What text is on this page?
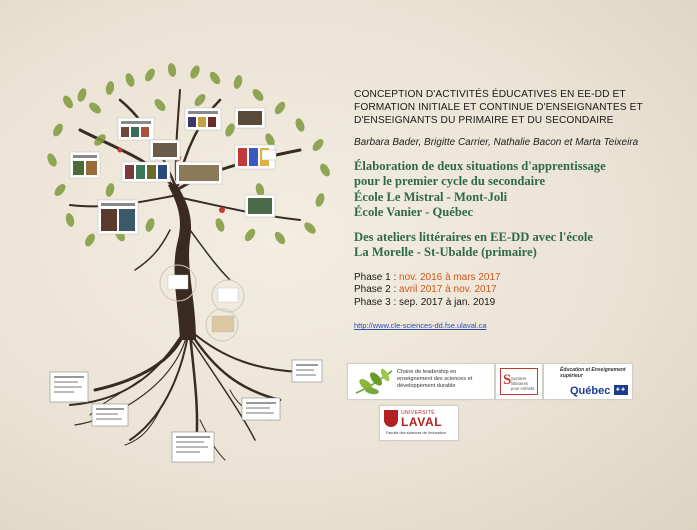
CONCEPTION D'ACTIVITÉS ÉDUCATIVES EN EE-DD ET
FORMATION INITIALE ET CONTINUE D'ENSEIGNANTES ET
D'ENSEIGNANTS DU PRIMAIRE ET DU SECONDAIRE
Barbara Bader, Brigitte Carrier, Nathalie Bacon et Marta Teixeira
Élaboration de deux situations d'apprentissage
pour le premier cycle du secondaire
École Le Mistral - Mont-Joli
École Vanier - Québec
Des ateliers littéraires en EE-DD avec l'école
La Morelle - St-Ubalde (primaire)
Phase 1 : nov. 2016 à mars 2017
Phase 2 : avril 2017 à nov. 2017
Phase 3 : sep. 2017 à jan. 2019
http://www.cle-sciences-dd.fse.ulaval.ca
Chaire de leadership en enseignement des sciences et développement durable	S Sentiers littéraires pour enfants
Éducation et Enseignement supérieur
Québec	✚✚
UNIVERSITÉ
LAVAL
Faculté des sciences de l'éducation
